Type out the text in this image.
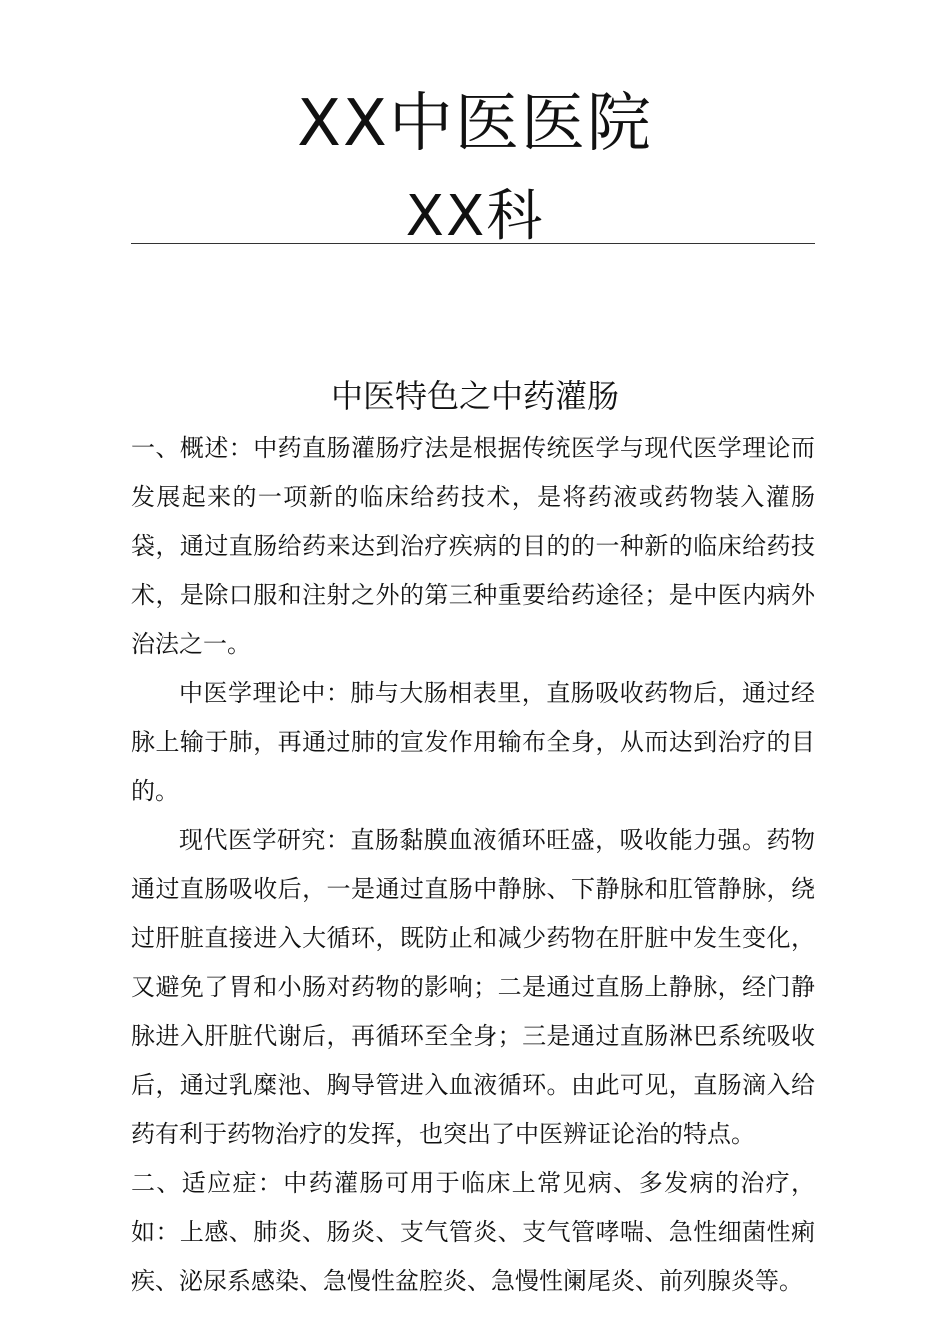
XX中医医院
XX科
中医特色之中药灌肠

一、概述：中药直肠灌肠疗法是根据传统医学与现代医学理论而发展起来的一项新的临床给药技术，是将药液或药物装入灌肠袋，通过直肠给药来达到治疗疾病的目的的一种新的临床给药技术，是除口服和注射之外的第三种重要给药途径；是中医内病外治法之一。

中医学理论中：肺与大肠相表里，直肠吸收药物后，通过经脉上输于肺，再通过肺的宣发作用输布全身，从而达到治疗的目的。

现代医学研究：直肠黏膜血液循环旺盛，吸收能力强。药物通过直肠吸收后，一是通过直肠中静脉、下静脉和肛管静脉，绕过肝脏直接进入大循环，既防止和减少药物在肝脏中发生变化，又避免了胃和小肠对药物的影响；二是通过直肠上静脉，经门静脉进入肝脏代谢后，再循环至全身；三是通过直肠淋巴系统吸收后，通过乳糜池、胸导管进入血液循环。由此可见，直肠滴入给药有利于药物治疗的发挥，也突出了中医辨证论治的特点。

二、适应症：中药灌肠可用于临床上常见病、多发病的治疗，如：上感、肺炎、肠炎、支气管炎、支气管哮喘、急性细菌性痢疾、泌尿系感染、急慢性盆腔炎、急慢性阑尾炎、前列腺炎等。
